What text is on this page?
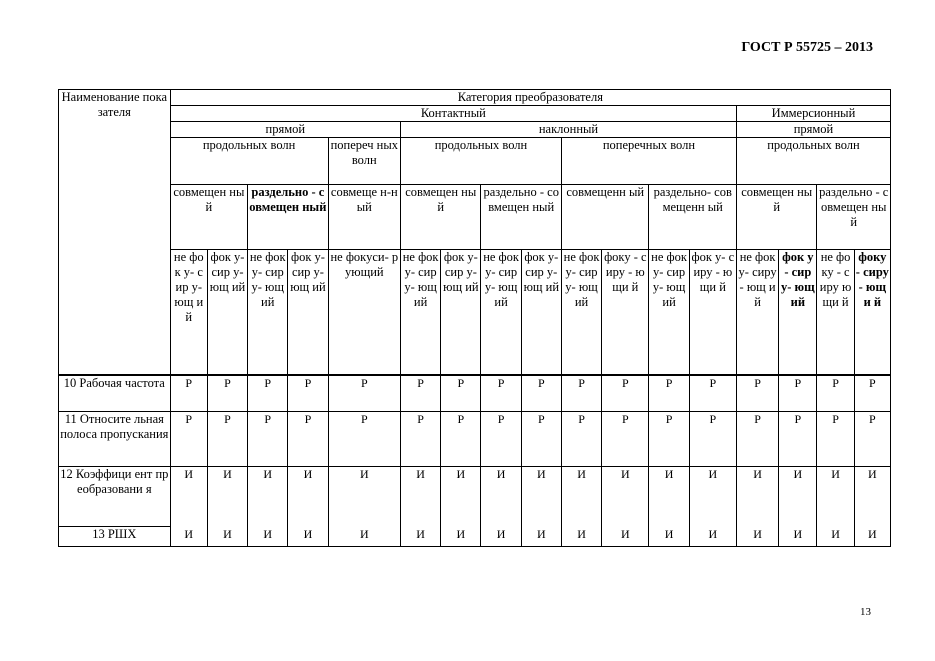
ГОСТ Р 55725 – 2013
Наименование показателя	Категория преобразователя																
	Контактный													Иммерсионный			
	прямой					наклонный								прямой			
	продольных волн				попереч ных волн	продольных волн				поперечных волн				продольных волн			
	совмещен ный		раздельно - совмещен ный		совмеще н-ный	совмещен ный		раздельно - совмещен ный		совмещенн ый		раздельно- совмещенн ый		совмещен ный		раздельно - совмещен ный	
	не фок у- сир у- ющ ий	фок у- сир у- ющ ий	не фок у- сир у- ющ ий	фок у- сир у- ющ ий	не фокуси- рующий	не фок у- сир у- ющ ий	фок у- сир у- ющ ий	не фок у- сир у- ющ ий	фок у- сир у- ющ ий	не фок у- сир у- ющ ий	фоку - сиру - ющи й	не фок у- сир у- ющ ий	фок у- сиру - ющи й	не фок у- сиру - ющ ий	фок у- сир у- ющ ий	не фоку - сиру ющи й	фоку - сиру- ющи й

10 Рабочая частота	Р	Р	Р	Р	Р	Р	Р	Р	Р	Р	Р	Р	Р	Р	Р	Р	Р
11 Относите льная полоса пропускания	Р	Р	Р	Р	Р	Р	Р	Р	Р	Р	Р	Р	Р	Р	Р	Р	Р
12 Коэффици ент преобразовани я	И	И	И	И	И	И	И	И	И	И	И	И	И	И	И	И	И
13 РШХ	И	И	И	И	И	И	И	И	И	И	И	И	И	И	И	И	И
13
